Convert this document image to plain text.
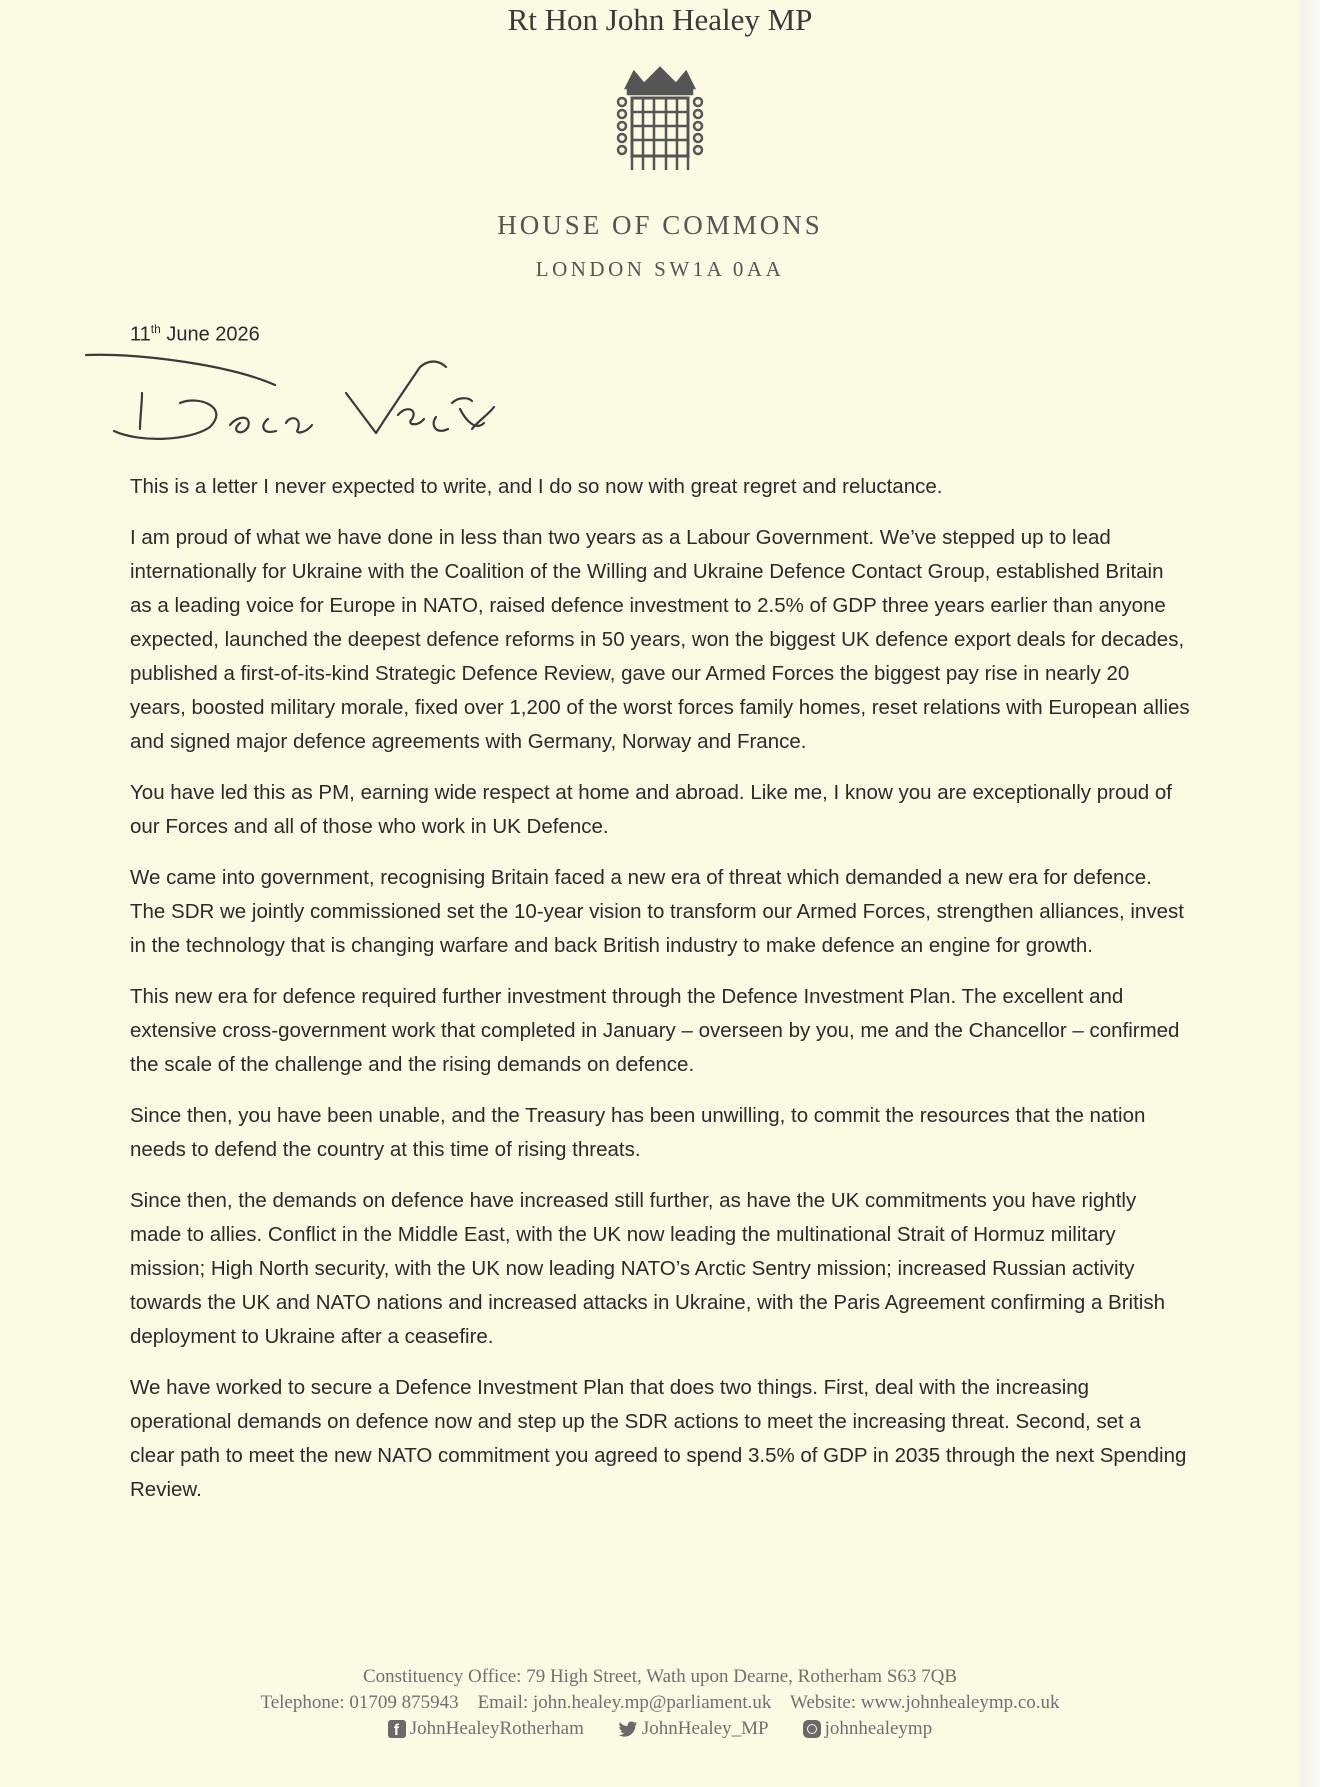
Rt Hon John Healey MP
HOUSE OF COMMONS
LONDON SW1A 0AA
11th June 2026

This is a letter I never expected to write, and I do so now with great regret and reluctance.

I am proud of what we have done in less than two years as a Labour Government. We’ve stepped up to lead internationally for Ukraine with the Coalition of the Willing and Ukraine Defence Contact Group, established Britain as a leading voice for Europe in NATO, raised defence investment to 2.5% of GDP three years earlier than anyone expected, launched the deepest defence reforms in 50 years, won the biggest UK defence export deals for decades, published a first-of-its-kind Strategic Defence Review, gave our Armed Forces the biggest pay rise in nearly 20 years, boosted military morale, fixed over 1,200 of the worst forces family homes, reset relations with European allies and signed major defence agreements with Germany, Norway and France.

You have led this as PM, earning wide respect at home and abroad. Like me, I know you are exceptionally proud of our Forces and all of those who work in UK Defence.

We came into government, recognising Britain faced a new era of threat which demanded a new era for defence. The SDR we jointly commissioned set the 10-year vision to transform our Armed Forces, strengthen alliances, invest in the technology that is changing warfare and back British industry to make defence an engine for growth.

This new era for defence required further investment through the Defence Investment Plan. The excellent and extensive cross-government work that completed in January – overseen by you, me and the Chancellor – confirmed the scale of the challenge and the rising demands on defence.

Since then, you have been unable, and the Treasury has been unwilling, to commit the resources that the nation needs to defend the country at this time of rising threats.

Since then, the demands on defence have increased still further, as have the UK commitments you have rightly made to allies. Conflict in the Middle East, with the UK now leading the multinational Strait of Hormuz military mission; High North security, with the UK now leading NATO’s Arctic Sentry mission; increased Russian activity towards the UK and NATO nations and increased attacks in Ukraine, with the Paris Agreement confirming a British deployment to Ukraine after a ceasefire.

We have worked to secure a Defence Investment Plan that does two things. First, deal with the increasing operational demands on defence now and step up the SDR actions to meet the increasing threat. Second, set a clear path to meet the new NATO commitment you agreed to spend 3.5% of GDP in 2035 through the next Spending Review.

Constituency Office: 79 High Street, Wath upon Dearne, Rotherham S63 7QB
Telephone: 01709 875943 Email: john.healey.mp@parliament.uk Website: www.johnhealeymp.co.uk
f
JohnHealeyRotherham	JohnHealey_MP	johnhealeymp
